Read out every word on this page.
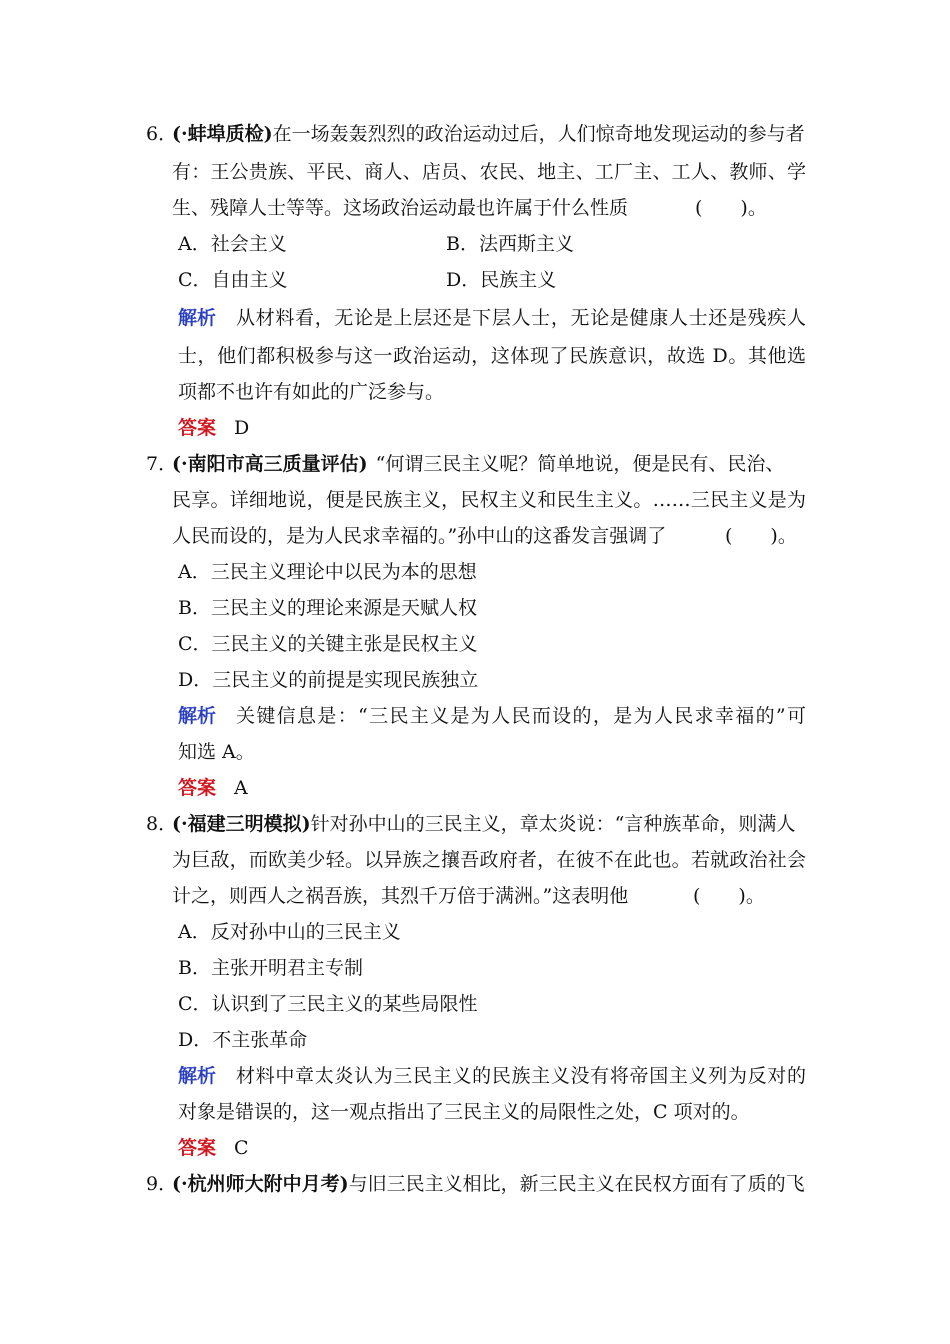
6．
(·蚌埠质检)在一场轰轰烈烈的政治运动过后，人们惊奇地发现运动的参与者
有：王公贵族、平民、商人、店员、农民、地主、工厂主、工人、教师、学
生、残障人士等等。这场政治运动最也许属于什么性质	(　　)。
A．社会主义	B．法西斯主义
C．自由主义	D．民族主义
解析 从材料看，无论是上层还是下层人士，无论是健康人士还是残疾人
士，他们都积极参与这一政治运动，这体现了民族意识，故选 D。其他选
项都不也许有如此的广泛参与。
答案 D
7．
(·南阳市高三质量评估) “何谓三民主义呢？简单地说，便是民有、民治、
民享。详细地说，便是民族主义，民权主义和民生主义。……三民主义是为
人民而设的，是为人民求幸福的。”孙中山的这番发言强调了	(　　)。
A．三民主义理论中以民为本的思想
B．三民主义的理论来源是天赋人权
C．三民主义的关键主张是民权主义
D．三民主义的前提是实现民族独立
解析 关键信息是：“三民主义是为人民而设的，是为人民求幸福的”可
知选 A。
答案 A
8．
(·福建三明模拟)针对孙中山的三民主义，章太炎说：“言种族革命，则满人
为巨敌，而欧美少轻。以异族之攘吾政府者，在彼不在此也。若就政治社会
计之，则西人之祸吾族，其烈千万倍于满洲。”这表明他	(　　)。
A．反对孙中山的三民主义
B．主张开明君主专制
C．认识到了三民主义的某些局限性
D．不主张革命
解析 材料中章太炎认为三民主义的民族主义没有将帝国主义列为反对的
对象是错误的，这一观点指出了三民主义的局限性之处，C 项对的。
答案 C
9．
(·杭州师大附中月考)与旧三民主义相比，新三民主义在民权方面有了质的飞
